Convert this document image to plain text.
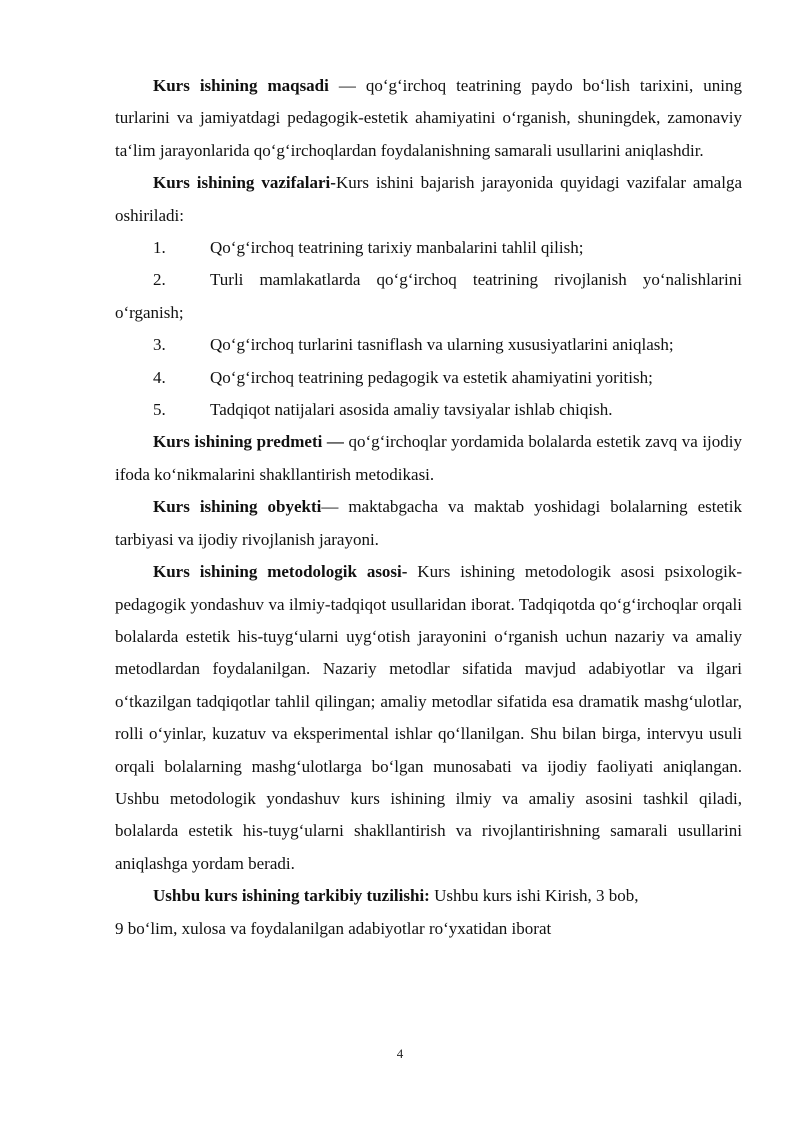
Kurs ishining maqsadi — qo‘g‘irchoq teatrining paydo bo‘lish tarixini, uning turlarini va jamiyatdagi pedagogik-estetik ahamiyatini o‘rganish, shuningdek, zamonaviy ta‘lim jarayonlarida qo‘g‘irchoqlardan foydalanishning samarali usullarini aniqlashdir.

Kurs ishining vazifalari-Kurs ishini bajarish jarayonida quyidagi vazifalar amalga oshiriladi:

1.	Qo‘g‘irchoq teatrining tarixiy manbalarini tahlil qilish;

2.	Turli mamlakatlarda qo‘g‘irchoq teatrining rivojlanish yo‘nalishlarini o‘rganish;

3.	Qo‘g‘irchoq turlarini tasniflash va ularning xususiyatlarini aniqlash;
4.	Qo‘g‘irchoq teatrining pedagogik va estetik ahamiyatini yoritish;
5.	Tadqiqot natijalari asosida amaliy tavsiyalar ishlab chiqish.

Kurs ishining predmeti — qo‘g‘irchoqlar yordamida bolalarda estetik zavq va ijodiy ifoda ko‘nikmalarini shakllantirish metodikasi.

Kurs ishining obyekti— maktabgacha va maktab yoshidagi bolalarning estetik tarbiyasi va ijodiy rivojlanish jarayoni.

Kurs ishining metodologik asosi- Kurs ishining metodologik asosi psixologik-pedagogik yondashuv va ilmiy-tadqiqot usullaridan iborat. Tadqiqotda qo‘g‘irchoqlar orqali bolalarda estetik his-tuyg‘ularni uyg‘otish jarayonini o‘rganish uchun nazariy va amaliy metodlardan foydalanilgan. Nazariy metodlar sifatida mavjud adabiyotlar va ilgari o‘tkazilgan tadqiqotlar tahlil qilingan; amaliy metodlar sifatida esa dramatik mashg‘ulotlar, rolli o‘yinlar, kuzatuv va eksperimental ishlar qo‘llanilgan. Shu bilan birga, intervyu usuli orqali bolalarning mashg‘ulotlarga bo‘lgan munosabati va ijodiy faoliyati aniqlangan. Ushbu metodologik yondashuv kurs ishining ilmiy va amaliy asosini tashkil qiladi, bolalarda estetik his-tuyg‘ularni shakllantirish va rivojlantirishning samarali usullarini aniqlashga yordam beradi.

Ushbu kurs ishining tarkibiy tuzilishi: Ushbu kurs ishi Kirish, 3 bob,

9 bo‘lim, xulosa va foydalanilgan adabiyotlar ro‘yxatidan iborat

4
